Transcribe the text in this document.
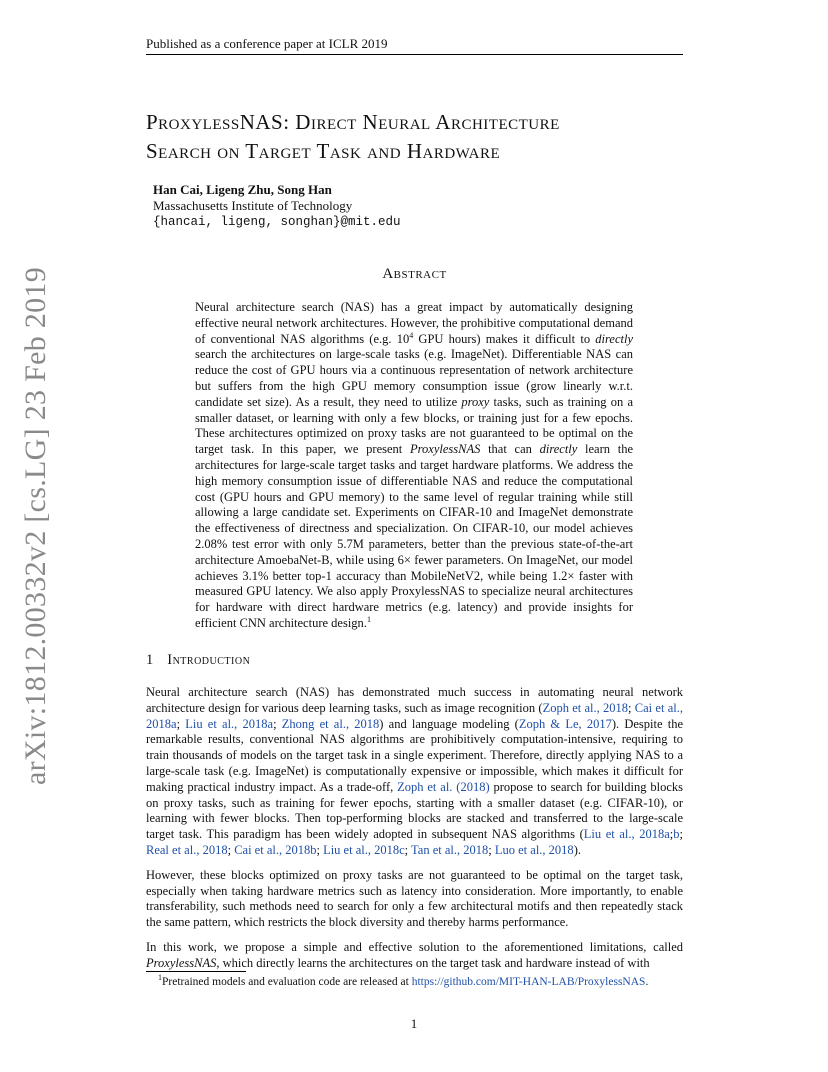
Published as a conference paper at ICLR 2019
arXiv:1812.00332v2 [cs.LG] 23 Feb 2019
ProxylessNAS: Direct Neural Architecture
Search on Target Task and Hardware
Han Cai, Ligeng Zhu, Song Han
Massachusetts Institute of Technology
{hancai, ligeng, songhan}@mit.edu
Abstract
Neural architecture search (NAS) has a great impact by automatically designing effective neural network architectures. However, the prohibitive computational demand of conventional NAS algorithms (e.g. $10^4$ GPU hours) makes it difficult to directly search the architectures on large-scale tasks (e.g. ImageNet). Differentiable NAS can reduce the cost of GPU hours via a continuous representation of network architecture but suffers from the high GPU memory consumption issue (grow linearly w.r.t. candidate set size). As a result, they need to utilize proxy tasks, such as training on a smaller dataset, or learning with only a few blocks, or training just for a few epochs. These architectures optimized on proxy tasks are not guaranteed to be optimal on the target task. In this paper, we present ProxylessNAS that can directly learn the architectures for large-scale target tasks and target hardware platforms. We address the high memory consumption issue of differentiable NAS and reduce the computational cost (GPU hours and GPU memory) to the same level of regular training while still allowing a large candidate set. Experiments on CIFAR-10 and ImageNet demonstrate the effectiveness of directness and specialization. On CIFAR-10, our model achieves 2.08% test error with only 5.7M parameters, better than the previous state-of-the-art architecture AmoebaNet-B, while using 6× fewer parameters. On ImageNet, our model achieves 3.1% better top-1 accuracy than MobileNetV2, while being 1.2× faster with measured GPU latency. We also apply ProxylessNAS to specialize neural architectures for hardware with direct hardware metrics (e.g. latency) and provide insights for efficient CNN architecture design.$^1$
1 Introduction

Neural architecture search (NAS) has demonstrated much success in automating neural network architecture design for various deep learning tasks, such as image recognition (Zoph et al., 2018; Cai et al., 2018a; Liu et al., 2018a; Zhong et al., 2018) and language modeling (Zoph & Le, 2017). Despite the remarkable results, conventional NAS algorithms are prohibitively computation-intensive, requiring to train thousands of models on the target task in a single experiment. Therefore, directly applying NAS to a large-scale task (e.g. ImageNet) is computationally expensive or impossible, which makes it difficult for making practical industry impact. As a trade-off, Zoph et al. (2018) propose to search for building blocks on proxy tasks, such as training for fewer epochs, starting with a smaller dataset (e.g. CIFAR-10), or learning with fewer blocks. Then top-performing blocks are stacked and transferred to the large-scale target task. This paradigm has been widely adopted in subsequent NAS algorithms (Liu et al., 2018a;b; Real et al., 2018; Cai et al., 2018b; Liu et al., 2018c; Tan et al., 2018; Luo et al., 2018).

However, these blocks optimized on proxy tasks are not guaranteed to be optimal on the target task, especially when taking hardware metrics such as latency into consideration. More importantly, to enable transferability, such methods need to search for only a few architectural motifs and then repeatedly stack the same pattern, which restricts the block diversity and thereby harms performance.

In this work, we propose a simple and effective solution to the aforementioned limitations, called ProxylessNAS, which directly learns the architectures on the target task and hardware instead of with

$^1$Pretrained models and evaluation code are released at https://github.com/MIT-HAN-LAB/ProxylessNAS.
1
